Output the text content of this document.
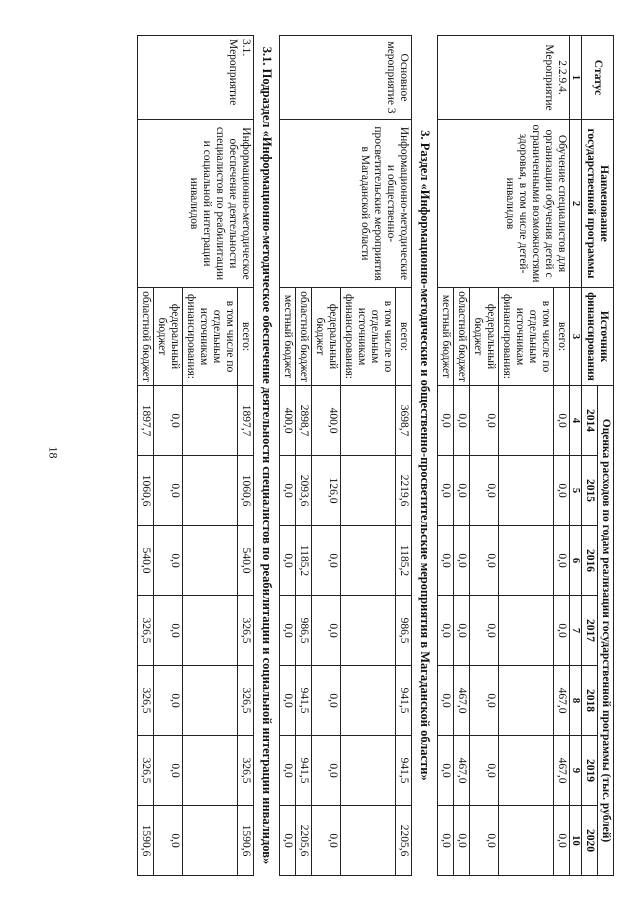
18
Статус	Наименование государственной программы	Источник финансирования	Оценка расходов по годам реализации государственной программы (тыс. рублей)						
			2014	2015	2016	2017	2018	2019	2020
1	2	3	4	5	6	7	8	9	10
2.2.9.4. Мероприятие	Обучение специалистов для организации обучения детей с ограниченными возможностями здоровья, в том числе детей-инвалидов	всего:	0,0	0,0	0,0	0,0	467,0	467,0	0,0
		в том числе по отдельным источникам финансирования:							
		федеральный бюджет	0,0	0,0	0,0	0,0	0,0	0,0	0,0
		областной бюджет	0,0	0,0	0,0	0,0	467,0	467,0	0,0
		местный бюджет	0,0	0,0	0,0	0,0	0,0	0,0	0,0
3. Раздел «Информационно-методические и общественно-просветительские мероприятия в Магаданской области»									
Основное мероприятие 3	Информационно-методические и общественно-просветительские мероприятия в Магаданской области	всего:	3698,7	2219,6	1185,2	986,5	941,5	941,5	2205,6
		в том числе по отдельным источникам финансирования:							
		федеральный бюджет	400,0	126,0	0,0	0,0	0,0	0,0	0,0
		областной бюджет	2898,7	2093,6	1185,2	986,5	941,5	941,5	2205,6
		местный бюджет	400,0	0,0	0,0	0,0	0,0	0,0	0,0
3.1. Подраздел «Информационно-методическое обеспечение деятельности специалистов по реабилитации и социальной интеграции инвалидов»									
3.1. Мероприятие	Информационно-методическое обеспечение деятельности специалистов по реабилитации и социальной интеграции инвалидов	всего:	1897,7	1060,6	540,0	326,5	326,5	326,5	1590,6
		в том числе по отдельным источникам финансирования:							
		федеральный бюджет	0,0	0,0	0,0	0,0	0,0	0,0	0,0
		областной бюджет	1897,7	1060,6	540,0	326,5	326,5	326,5	1590,6
